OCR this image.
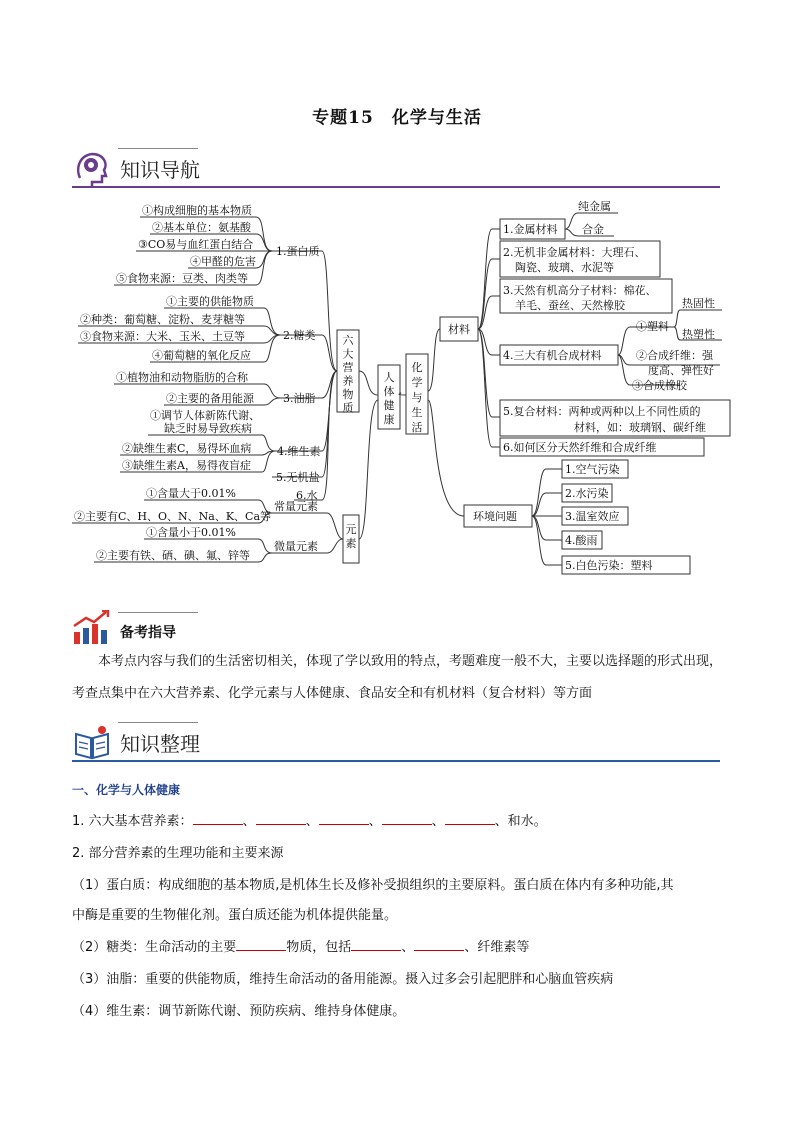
专题15　化学与生活
知识导航
化学与生活
人体健康
六大营养物质
元素
1.蛋白质
2.糖类
3.油脂
4.维生素
5.无机盐
6.水
①构成细胞的基本物质
②基本单位：氨基酸
③CO易与血红蛋白结合
④甲醛的危害
⑤食物来源：豆类、肉类等
①主要的供能物质
②种类：葡萄糖、淀粉、麦芽糖等
③食物来源：大米、玉米、土豆等
④葡萄糖的氧化反应
①植物油和动物脂肪的合称
②主要的备用能源
①调节人体新陈代谢、
缺乏时易导致疾病
②缺维生素C，易得坏血病
③缺维生素A，易得夜盲症
常量元素
微量元素
①含量大于0.01%
②主要有C、H、O、N、Na、K、Ca等
①含量小于0.01%
②主要有铁、硒、碘、氟、锌等
材料
1.金属材料
纯金属
合金
2.无机非金属材料：大理石、
陶瓷、玻璃、水泥等
3.天然有机高分子材料：棉花、
羊毛、蚕丝、天然橡胶
4.三大有机合成材料
①塑料
热固性
热塑性
②合成纤维：强
度高、弹性好
③合成橡胶
5.复合材料：两种或两种以上不同性质的
材料，如：玻璃钢、碳纤维
6.如何区分天然纤维和合成纤维
环境问题
1.空气污染
2.水污染
3.温室效应
4.酸雨
5.白色污染：塑料
备考指导
本考点内容与我们的生活密切相关，体现了学以致用的特点，考题难度一般不大，主要以选择题的形式出现，考查点集中在六大营养素、化学元素与人体健康、食品安全和有机材料（复合材料）等方面
知识整理
一、化学与人体健康
1. 六大基本营养素：	、	、	、	、	、和水。
2. 部分营养素的生理功能和主要来源
（1）蛋白质：构成细胞的基本物质,是机体生长及修补受损组织的主要原料。蛋白质在体内有多种功能,其
中酶是重要的生物催化剂。蛋白质还能为机体提供能量。
（2）糖类：生命活动的主要	物质，包括	、	、纤维素等
（3）油脂：重要的供能物质，维持生命活动的备用能源。摄入过多会引起肥胖和心脑血管疾病
（4）维生素：调节新陈代谢、预防疾病、维持身体健康。
